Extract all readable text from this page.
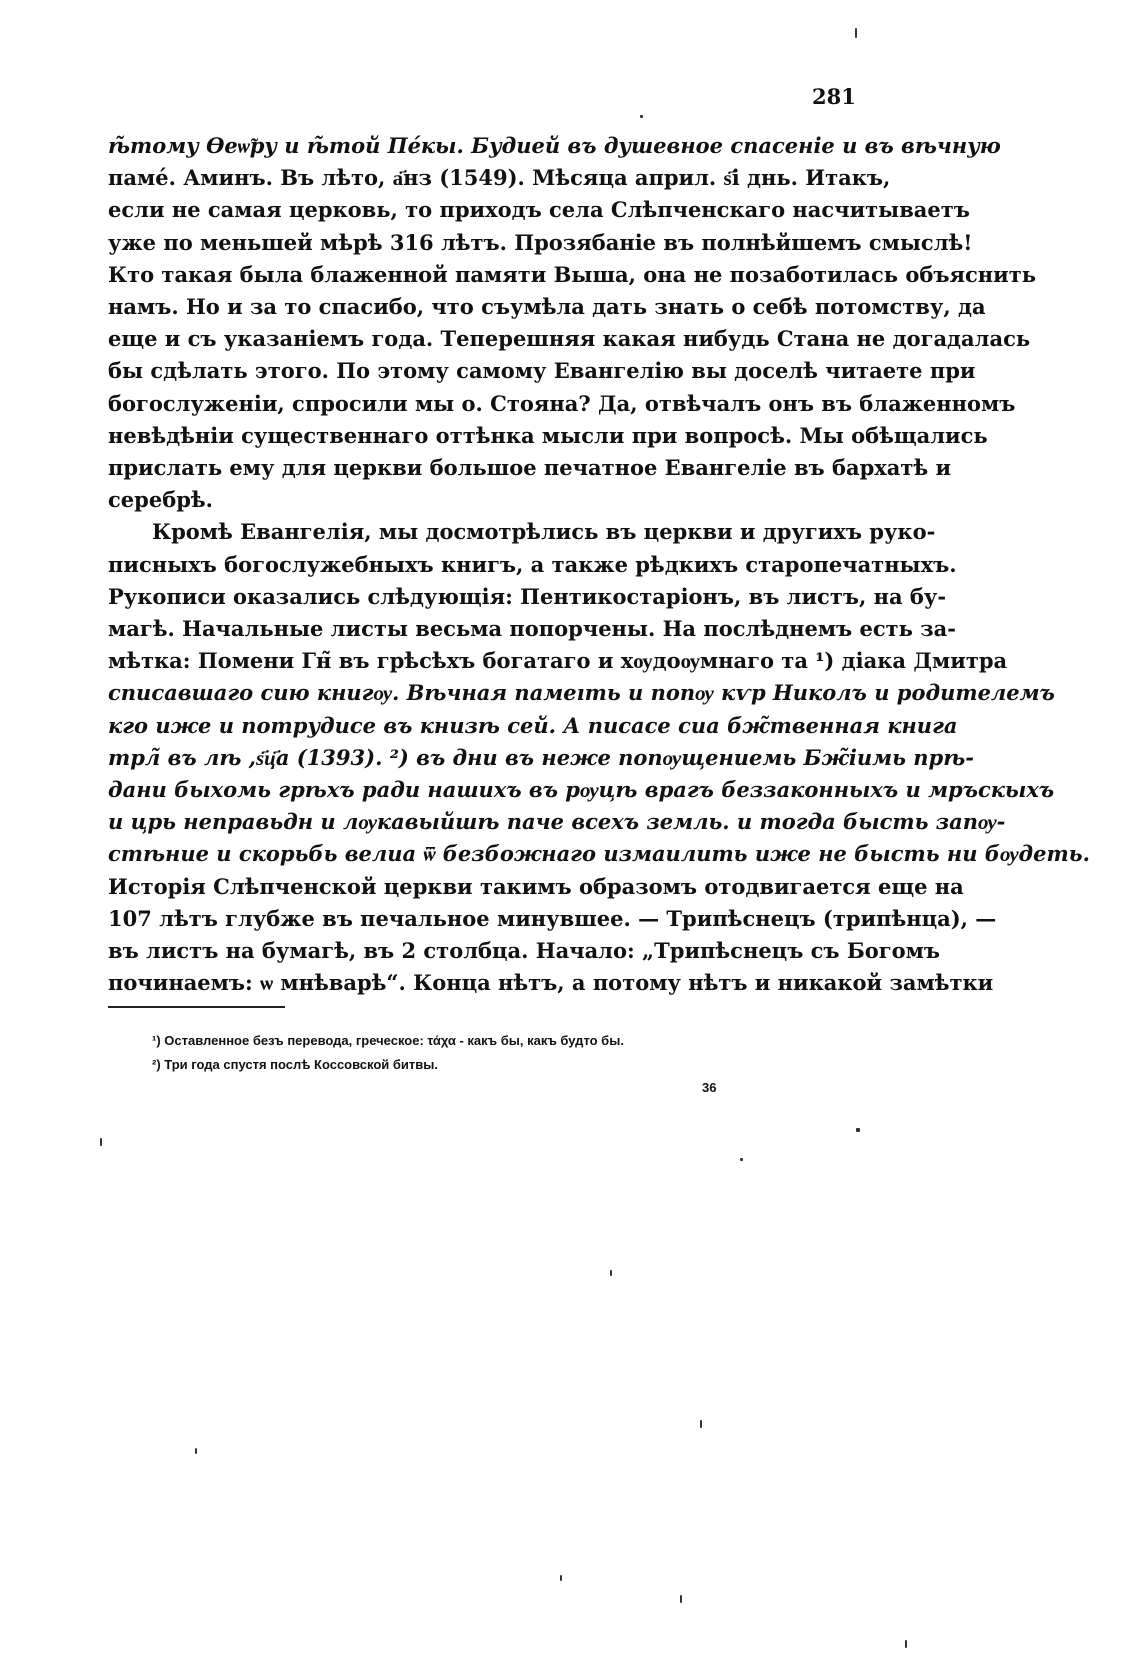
281
ѣ̃тому Ѳеѡ̃ру и ѣ̃той Пе́кы. Будией въ душевное спасеніе и въ вѣчную
паме́. Аминъ. Въ лѣто, а҃нз (1549). Мѣсяца април. ѕ҃і днь. Итакъ,
если не самая церковь, то приходъ села Слѣпченскаго насчитываетъ
уже по меньшей мѣрѣ 316 лѣтъ. Прозябаніе въ полнѣйшемъ смыслѣ!
Кто такая была блаженной памяти Выша, она не позаботилась объяснить
намъ. Но и за то спасибо, что съумѣла дать знать о себѣ потомству, да
еще и съ указаніемъ года. Теперешняя какая нибудь Стана не догадалась
бы сдѣлать этого. По этому самому Евангелію вы доселѣ читаете при
богослуженіи, спросили мы о. Стояна? Да, отвѣчалъ онъ въ блаженномъ
невѣдѣніи существеннаго оттѣнка мысли при вопросѣ. Мы обѣщались
прислать ему для церкви большое печатное Евангеліе въ бархатѣ и
серебрѣ.
Кромѣ Евангелія, мы досмотрѣлись въ церкви и другихъ руко-
писныхъ богослужебныхъ книгъ, а также рѣдкихъ старопечатныхъ.
Рукописи оказались слѣдующія: Пентикостаріонъ, въ листъ, на бу-
магѣ. Начальные листы весьма попорчены. На послѣднемъ есть за-
мѣтка: Помени Гн̃ въ грѣсѣхъ богатаго и хѹдоѹмнаго та ¹) діака Дмитра
списавшаго сию книгѹ. Вѣчная памеıть и попѹ кѵр Николъ и родителемъ
кго иже и потрудисе въ книзѣ сей. А писасе сиа бж̃твенная книга
трл̃ въ лѣ ,ѕ҃ц҃а (1393). ²) въ дни въ неже попѹщениемь Бж̃іимь прѣ-
дани быхомь грѣхъ ради нашихъ въ рѹцѣ врагъ беззаконныхъ и мръскыхъ
и црь неправьдн и лѹкавыйшѣ паче всехъ земль. и тогда бысть запѹ-
стѣние и скорьбь велиа ѿ безбожнаго измаилить иже не бысть ни бѹдеть.
Исторія Слѣпченской церкви такимъ образомъ отодвигается еще на
107 лѣтъ глубже въ печальное минувшее. — Трипѣснецъ (трипѣнца), —
въ листъ на бумагѣ, въ 2 столбца. Начало: „Трипѣснецъ съ Богомъ
починаемъ: ѡ мнѣварѣ“. Конца нѣтъ, а потому нѣтъ и никакой замѣтки
¹) Оставленное безъ перевода, греческое: τάχα - какъ бы, какъ будто бы.
²) Три года спустя послѣ Коссовской битвы.
36
